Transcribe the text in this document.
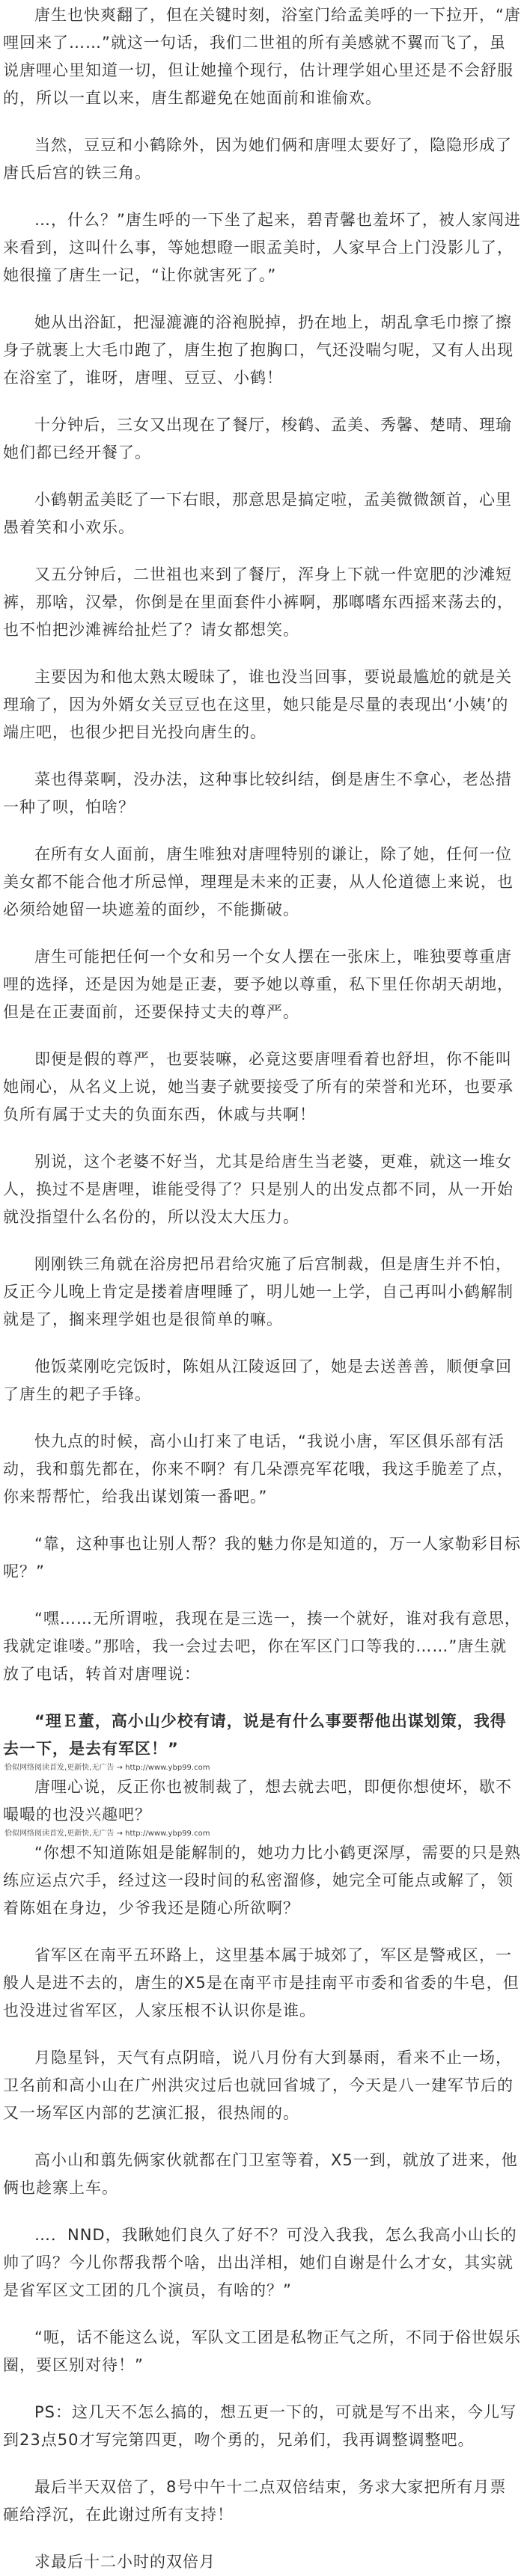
唐生也快爽翻了，但在关键时刻，浴室门给孟美呼的一下拉开，“唐哩回来了……”就这一句话，我们二世祖的所有美感就不翼而飞了，虽说唐哩心里知道一切，但让她撞个现行，估计理学姐心里还是不会舒服的，所以一直以来，唐生都避免在她面前和谁偷欢。

当然，豆豆和小鹤除外，因为她们俩和唐哩太要好了，隐隐形成了唐氏后宫的铁三角。

…，什么？”唐生呼的一下坐了起来，碧青馨也羞坏了，被人家闯进来看到，这叫什么事，等她想瞪一眼孟美时，人家早合上门没影儿了，她很撞了唐生一记，“让你就害死了。”

她从出浴缸，把湿漉漉的浴袍脱掉，扔在地上，胡乱拿毛巾擦了擦身子就裹上大毛巾跑了，唐生抱了抱胸口，气还没喘匀呢，又有人出现在浴室了，谁呀，唐哩、豆豆、小鹤！

十分钟后，三女又出现在了餐厅，梭鹤、孟美、秀馨、楚晴、理瑜她们都已经开餐了。

小鹤朝孟美眨了一下右眼，那意思是搞定啦，孟美微微颔首，心里愚着笑和小欢乐。

又五分钟后，二世祖也来到了餐厅，浑身上下就一件宽肥的沙滩短裤，那啥，汉晕，你倒是在里面套件小裤啊，那啷嗜东西摇来荡去的，也不怕把沙滩裤给扯烂了？请女都想笑。

主要因为和他太熟太暧昧了，谁也没当回事，要说最尴尬的就是关理瑜了，因为外婿女关豆豆也在这里，她只能是尽量的表现出‘小姨’的端庄吧，也很少把目光投向唐生的。

菜也得菜啊，没办法，这种事比较纠结，倒是唐生不拿心，老怂措一种了呗，怕啥？

在所有女人面前，唐生唯独对唐哩特别的谦让，除了她，任何一位美女都不能合他才所忌惮，理理是未来的正妻，从人伦道德上来说，也必须给她留一块遮羞的面纱，不能撕破。

唐生可能把任何一个女和另一个女人摆在一张床上，唯独要尊重唐哩的选择，还是因为她是正妻，要予她以尊重，私下里任你胡天胡地，但是在正妻面前，还要保持丈夫的尊严。

即便是假的尊严，也要装嘛，必竟这要唐哩看着也舒坦，你不能叫她闹心，从名义上说，她当妻子就要接受了所有的荣誉和光环，也要承负所有属于丈夫的负面东西，休戚与共啊！

别说，这个老婆不好当，尤其是给唐生当老婆，更难，就这一堆女人，换过不是唐哩，谁能受得了？只是别人的出发点都不同，从一开始就没指望什么名份的，所以没太大压力。

刚刚铁三角就在浴房把吊君给灾施了后宫制裁，但是唐生并不怕，反正今儿晚上肯定是搂着唐哩睡了，明儿她一上学，自己再叫小鹤解制就是了，搁来理学姐也是很简单的嘛。

他饭菜刚吃完饭时，陈姐从江陵返回了，她是去送善善，顺便拿回了唐生的耙子手锋。

快九点的时候，高小山打来了电话，“我说小唐，军区俱乐部有活动，我和翦先都在，你来不啊？有几朵漂亮军花哦，我这手脆差了点，你来帮帮忙，给我出谋划策一番吧。”

“靠，这种事也让别人帮？我的魅力你是知道的，万一人家勒彩目标呢？”

“嘿……无所谓啦，我现在是三选一，揍一个就好，谁对我有意思，我就定谁喽。”那啥，我一会过去吧，你在军区门口等我的……”唐生就放了电话，转首对唐哩说：

“理Ｅ董，高小山少校有请，说是有什么事要帮他出谋划策，我得去一下，是去有军区！”

恰似网络阅读首发,更新快,无广告 → http://www.ybp99.com

唐哩心说，反正你也被制裁了，想去就去吧，即便你想使坏，歇不嘬嘬的也没兴趣吧？

恰似网络阅读首发,更新快,无广告 → http://www.ybp99.com

“你想不知道陈姐是能解制的，她功力比小鹤更深厚，需要的只是熟练应运点穴手，经过这一段时间的私密溜修，她完全可能点或解了，领着陈姐在身边，少爷我还是随心所欲啊？

省军区在南平五环路上，这里基本属于城郊了，军区是警戒区，一般人是进不去的，唐生的X5是在南平市是挂南平市委和省委的牛皂，但也没进过省军区，人家压根不认识你是谁。

月隐星钭，天气有点阴暗，说八月份有大到暴雨，看来不止一场，卫名前和高小山在广州洪灾过后也就回省城了，今天是八一建军节后的又一场军区内部的艺演汇报，很热闹的。

高小山和翦先俩家伙就都在门卫室等着，X5一到，就放了进来，他俩也趁寨上车。

…．NND，我瞅她们良久了好不？可没入我我，怎么我高小山长的帅了吗？今儿你帮我帮个啥，出出洋相，她们自谢是什么才女，其实就是省军区文工团的几个演员，有啥的？”

“呃，话不能这么说，军队文工团是私物正气之所，不同于俗世娱乐圈，要区别对待！”

PS：这几天不怎么搞的，想五更一下的，可就是写不出来，今儿写到23点50才写完第四更，吻个勇的，兄弟们，我再调整调整吧。

最后半天双倍了，8号中午十二点双倍结束，务求大家把所有月票砸给浮沉，在此谢过所有支持！

求最后十二小时的双倍月
